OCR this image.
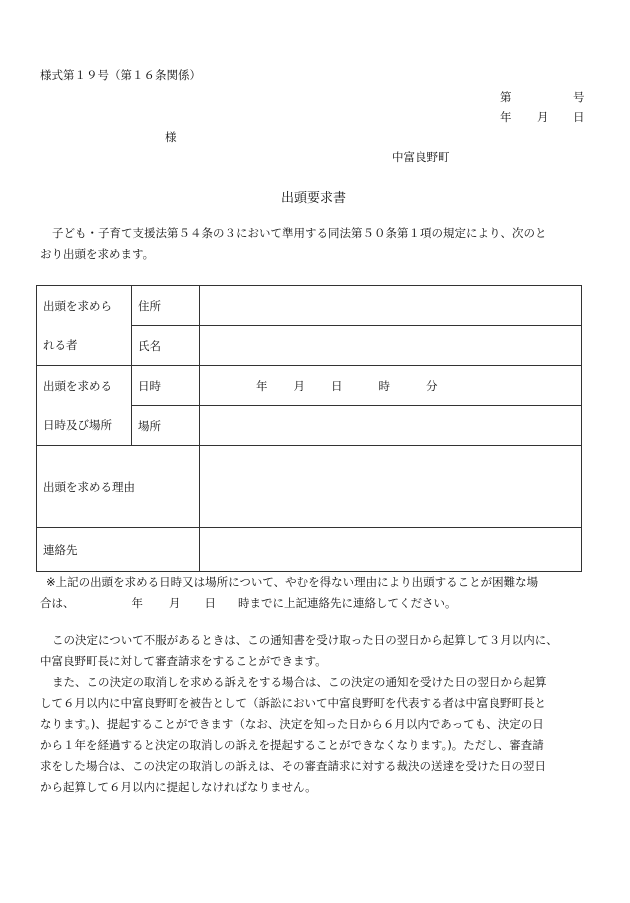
様式第１９号（第１６条関係）
第	号
年 月 日
様
中富良野町
出頭要求書
子ども・子育て支援法第５４条の３において準用する同法第５０条第１項の規定により、次のと
おり出頭を求めます。
出頭を求めら	住所	
れる者	氏名	
出頭を求める	日時	年 月 日 時 分
日時及び場所	場所	
出頭を求める理由		
連絡先		
※上記の出頭を求める日時又は場所について、やむを得ない理由により出頭することが困難な場
合は、	年 月 日 時までに上記連絡先に連絡してください。
この決定について不服があるときは、この通知書を受け取った日の翌日から起算して３月以内に、
中富良野町長に対して審査請求をすることができます。
また、この決定の取消しを求める訴えをする場合は、この決定の通知を受けた日の翌日から起算
して６月以内に中富良野町を被告として（訴訟において中富良野町を代表する者は中富良野町長と
なります。)、提起することができます（なお、決定を知った日から６月以内であっても、決定の日
から１年を経過すると決定の取消しの訴えを提起することができなくなります。)。ただし、審査請
求をした場合は、この決定の取消しの訴えは、その審査請求に対する裁決の送達を受けた日の翌日
から起算して６月以内に提起しなければなりません。
